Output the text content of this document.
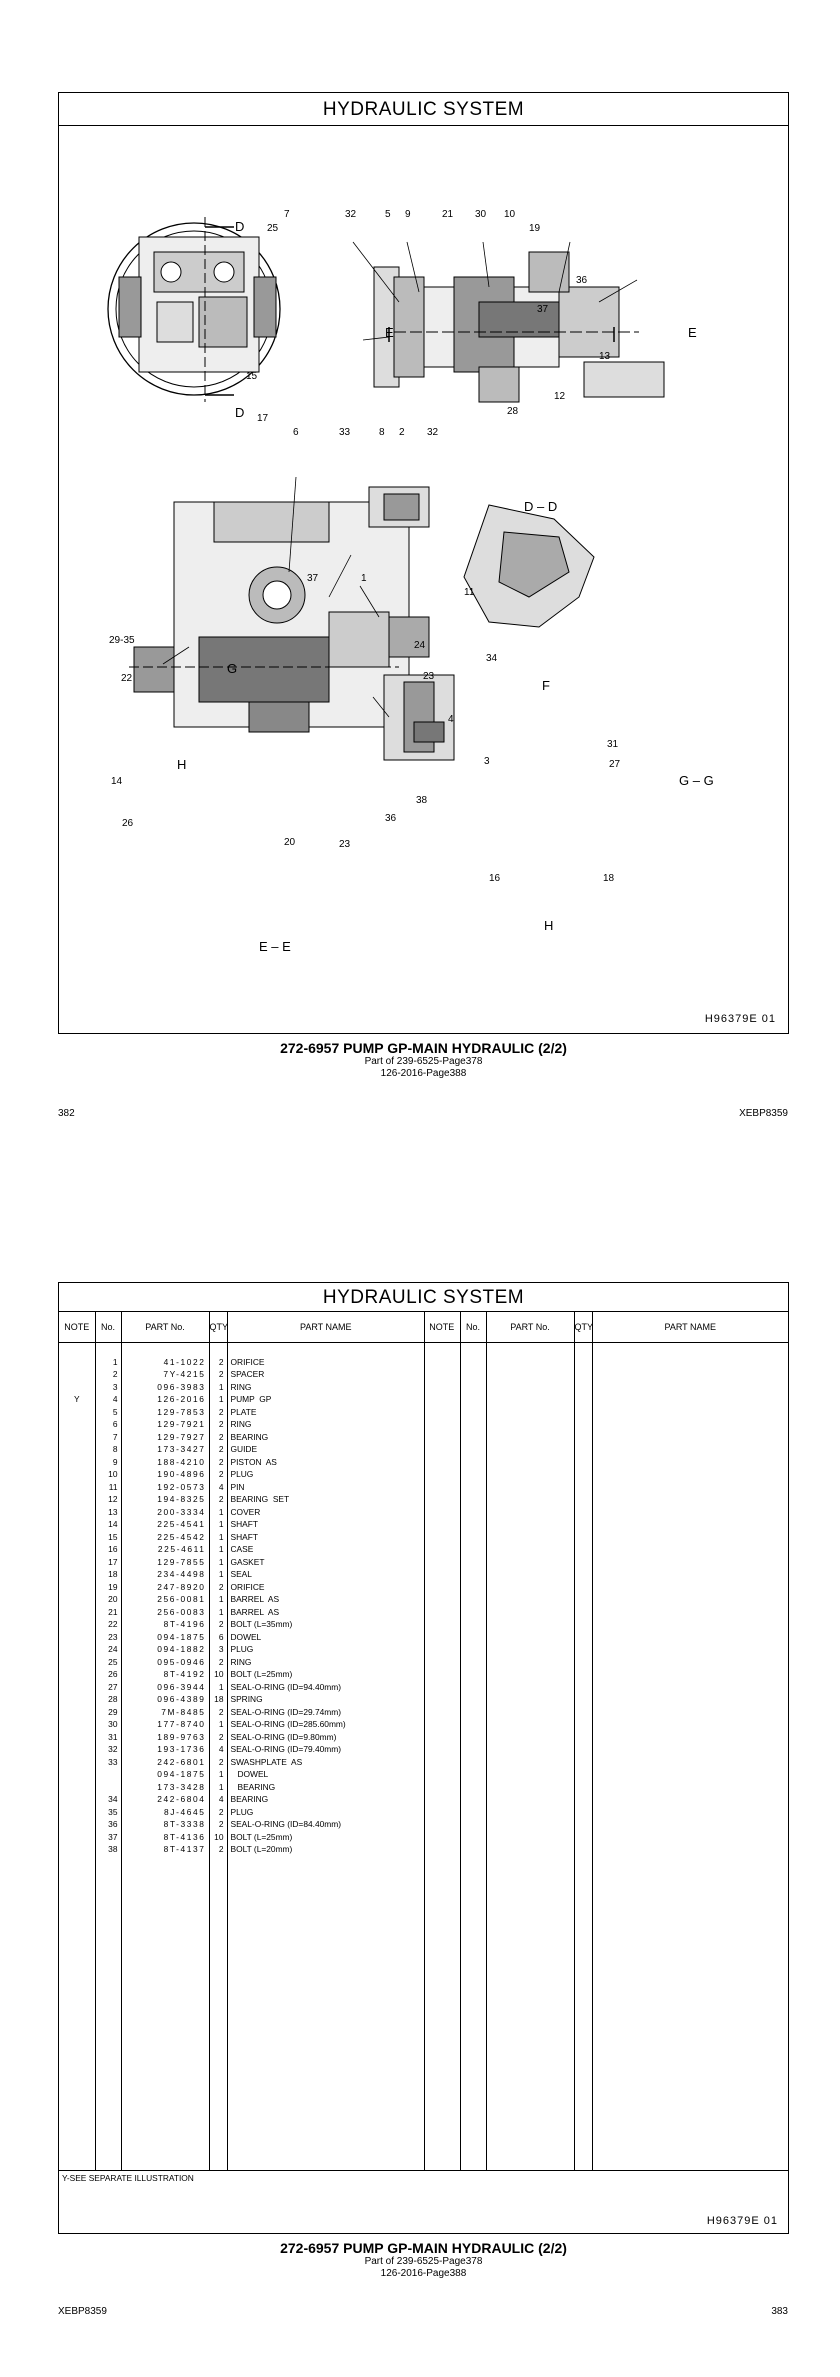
HYDRAULIC SYSTEM
7	32	5 9	21 30 10
25	19
36
37
13
15
12
28
17
6	33	8 2 32
37	1
29-35	24
22	23
4
14
38
26	36
20	23
11
34
31
3	27
16	18
D
D
E	E
D – D
G
H
F
G – G
H
E – E
H96379E 01
272-6957 PUMP GP-MAIN HYDRAULIC (2/2)
Part of 239-6525-Page378
126-2016-Page388
382	XEBP8359
HYDRAULIC SYSTEM
NOTE	No.	PART No.	QTY	PART NAME

	1	41-1022	2	ORIFICE
	2	7Y-4215	2	SPACER
	3	096-3983	1	RING
Y	4	126-2016	1	PUMP  GP
	5	129-7853	2	PLATE
	6	129-7921	2	RING
	7	129-7927	2	BEARING
	8	173-3427	2	GUIDE
	9	188-4210	2	PISTON  AS
	10	190-4896	2	PLUG
	11	192-0573	4	PIN
	12	194-8325	2	BEARING  SET
	13	200-3334	1	COVER
	14	225-4541	1	SHAFT
	15	225-4542	1	SHAFT
	16	225-4611	1	CASE
	17	129-7855	1	GASKET
	18	234-4498	1	SEAL
	19	247-8920	2	ORIFICE
	20	256-0081	1	BARREL  AS
	21	256-0083	1	BARREL  AS
	22	8T-4196	2	BOLT (L=35mm)
	23	094-1875	6	DOWEL
	24	094-1882	3	PLUG
	25	095-0946	2	RING
	26	8T-4192	10	BOLT (L=25mm)
	27	096-3944	1	SEAL-O-RING (ID=94.40mm)
	28	096-4389	18	SPRING
	29	7M-8485	2	SEAL-O-RING (ID=29.74mm)
	30	177-8740	1	SEAL-O-RING (ID=285.60mm)
	31	189-9763	2	SEAL-O-RING (ID=9.80mm)
	32	193-1736	4	SEAL-O-RING (ID=79.40mm)
	33	242-6801	2	SWASHPLATE  AS
		094-1875	1	DOWEL
		173-3428	1	BEARING
	34	242-6804	4	BEARING
	35	8J-4645	2	PLUG
	36	8T-3338	2	SEAL-O-RING (ID=84.40mm)
	37	8T-4136	10	BOLT (L=25mm)
	38	8T-4137	2	BOLT (L=20mm)
NOTE	No.	PART No.	QTY	PART NAME

Y-SEE SEPARATE ILLUSTRATION
H96379E 01
272-6957 PUMP GP-MAIN HYDRAULIC (2/2)
Part of 239-6525-Page378
126-2016-Page388
XEBP8359	383
